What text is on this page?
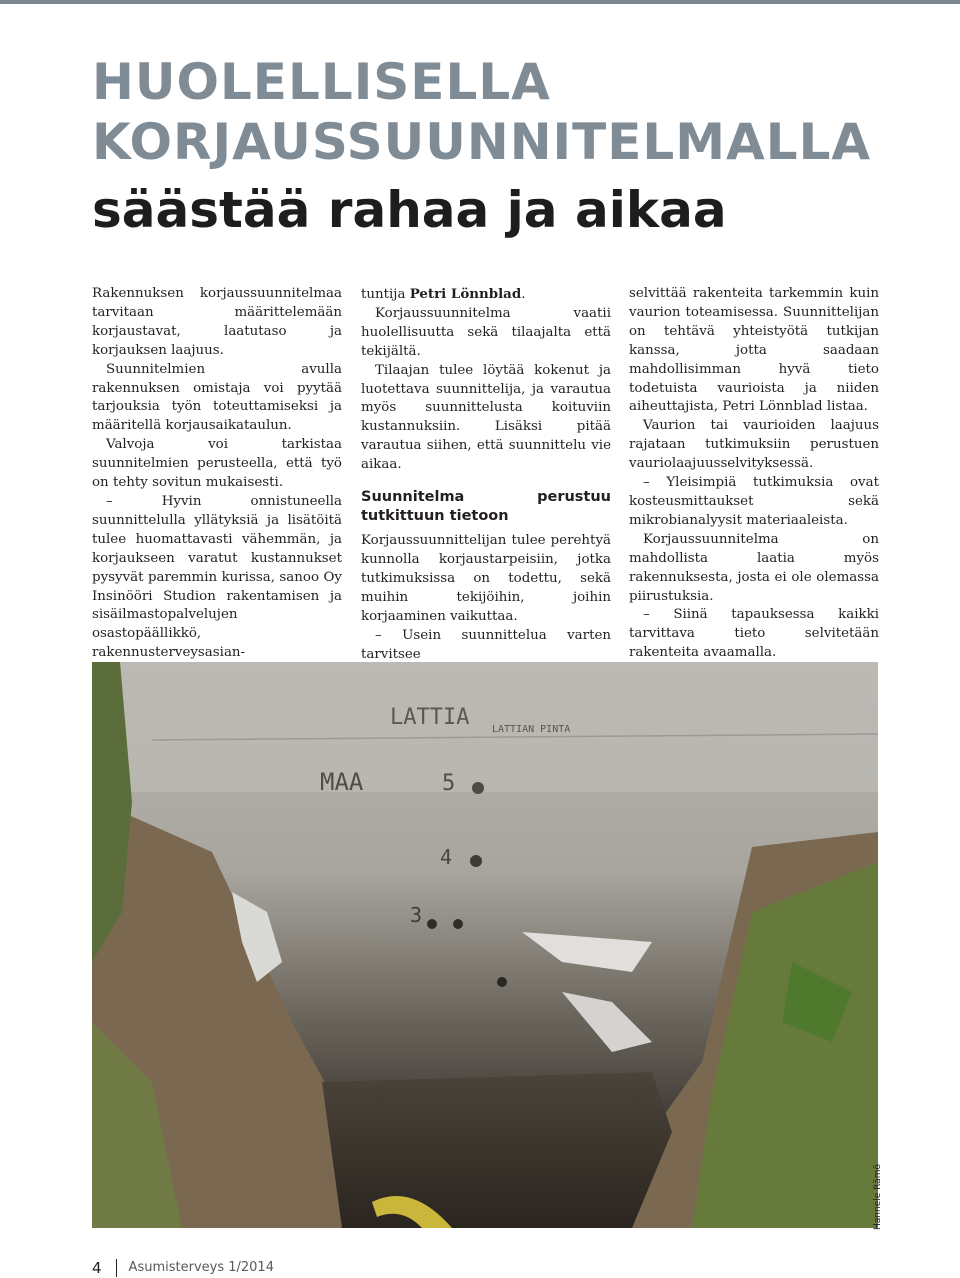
HUOLELLISELLA
KORJAUSSUUNNITELMALLA
säästää rahaa ja aikaa

Rakennuksen korjaussuunnitelmaa tarvitaan määrittelemään korjaustavat, laatutaso ja korjauksen laajuus.

Suunnitelmien avulla rakennuksen omistaja voi pyytää tarjouksia työn toteuttamiseksi ja määritellä korjausaikataulun.

Valvoja voi tarkistaa suunnitelmien perusteella, että työ on tehty sovitun mukaisesti.

– Hyvin onnistuneella suunnittelulla yllätyksiä ja lisätöitä tulee huomattavasti vähemmän, ja korjaukseen varatut kustannukset pysyvät paremmin kurissa, sanoo Oy Insinööri Studion rakentamisen ja sisäilmastopalvelujen osastopäällikkö, rakennusterveysasian-

tuntija Petri Lönnblad.

Korjaussuunnitelma vaatii huolellisuutta sekä tilaajalta että tekijältä.

Tilaajan tulee löytää kokenut ja luotettava suunnittelija, ja varautua myös suunnittelusta koituviin kustannuksiin. Lisäksi pitää varautua siihen, että suunnittelu vie aikaa.

Suunnitelma perustuu tutkittuun tietoon

Korjaussuunnittelijan tulee perehtyä kunnolla korjaustarpeisiin, jotka tutkimuksissa on todettu, sekä muihin tekijöihin, joihin korjaaminen vaikuttaa.

– Usein suunnittelua varten tarvitsee

selvittää rakenteita tarkemmin kuin vaurion toteamisessa. Suunnittelijan on tehtävä yhteistyötä tutkijan kanssa, jotta saadaan mahdollisimman hyvä tieto todetuista vaurioista ja niiden aiheuttajista, Petri Lönnblad listaa.

Vaurion tai vaurioiden laajuus rajataan tutkimuksiin perustuen vauriolaajuusselvityksessä.

– Yleisimpiä tutkimuksia ovat kosteusmittaukset sekä mikrobianalyysit materiaaleista.

Korjaussuunnitelma on mahdollista laatia myös rakennuksesta, josta ei ole olemassa piirustuksia.

– Siinä tapauksessa kaikki tarvittava tieto selvitetään rakenteita avaamalla.

LATTIA LATTIAN PINTA
MAA	5
4
3
Hannele Rämö
4 Asumisterveys 1/2014
